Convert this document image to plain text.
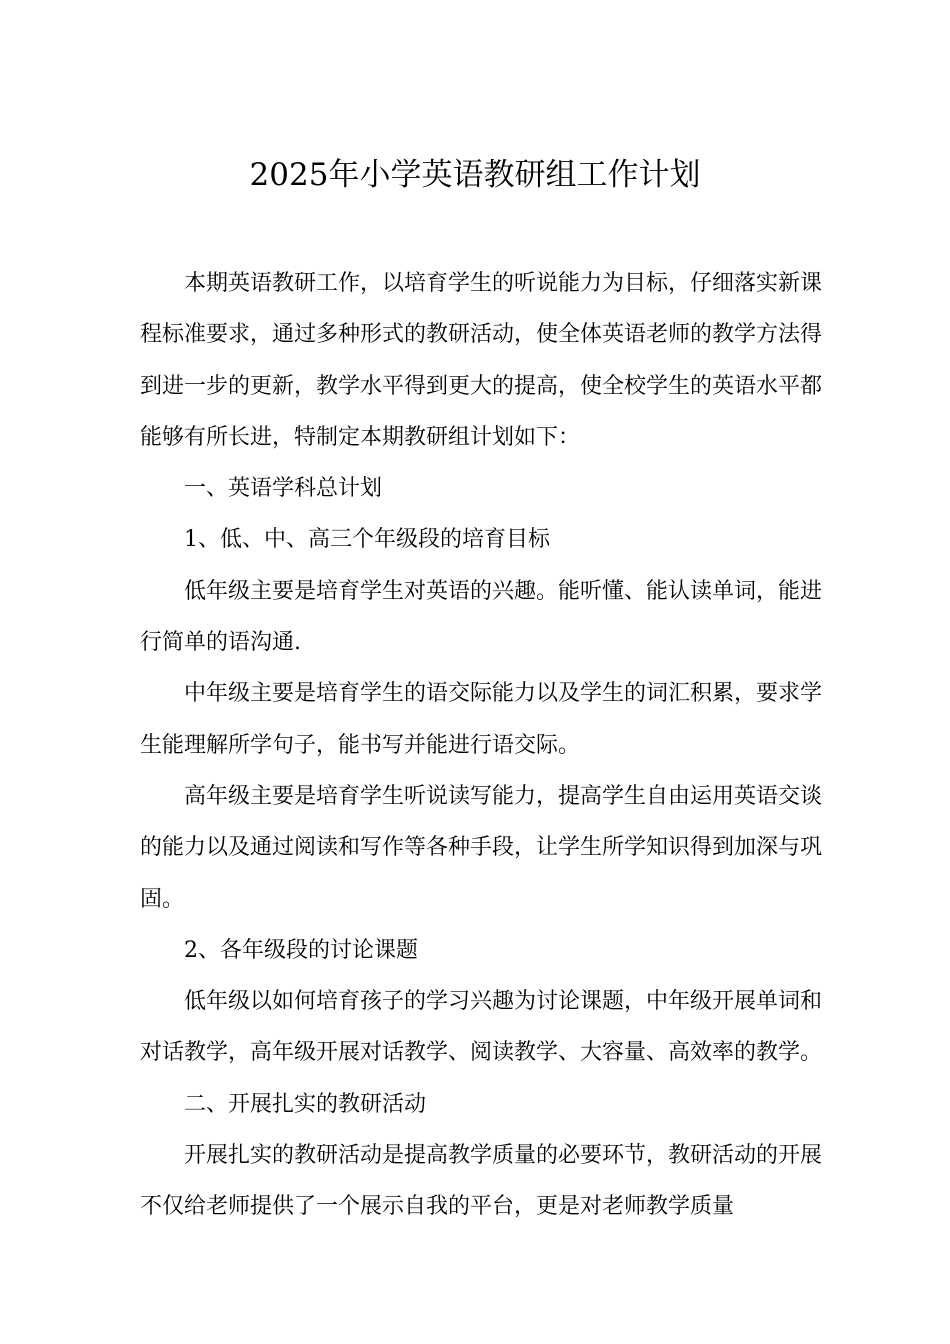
2025年小学英语教研组工作计划

本期英语教研工作，以培育学生的听说能力为目标，仔细落实新课程标准要求，通过多种形式的教研活动，使全体英语老师的教学方法得到进一步的更新，教学水平得到更大的提高，使全校学生的英语水平都能够有所长进，特制定本期教研组计划如下：

一、英语学科总计划

1、低、中、高三个年级段的培育目标

低年级主要是培育学生对英语的兴趣。能听懂、能认读单词，能进行简单的语沟通.

中年级主要是培育学生的语交际能力以及学生的词汇积累，要求学生能理解所学句子，能书写并能进行语交际。

高年级主要是培育学生听说读写能力，提高学生自由运用英语交谈的能力以及通过阅读和写作等各种手段，让学生所学知识得到加深与巩固。

2、各年级段的讨论课题

低年级以如何培育孩子的学习兴趣为讨论课题，中年级开展单词和对话教学，高年级开展对话教学、阅读教学、大容量、高效率的教学。

二、开展扎实的教研活动

开展扎实的教研活动是提高教学质量的必要环节，教研活动的开展不仅给老师提供了一个展示自我的平台，更是对老师教学质量
